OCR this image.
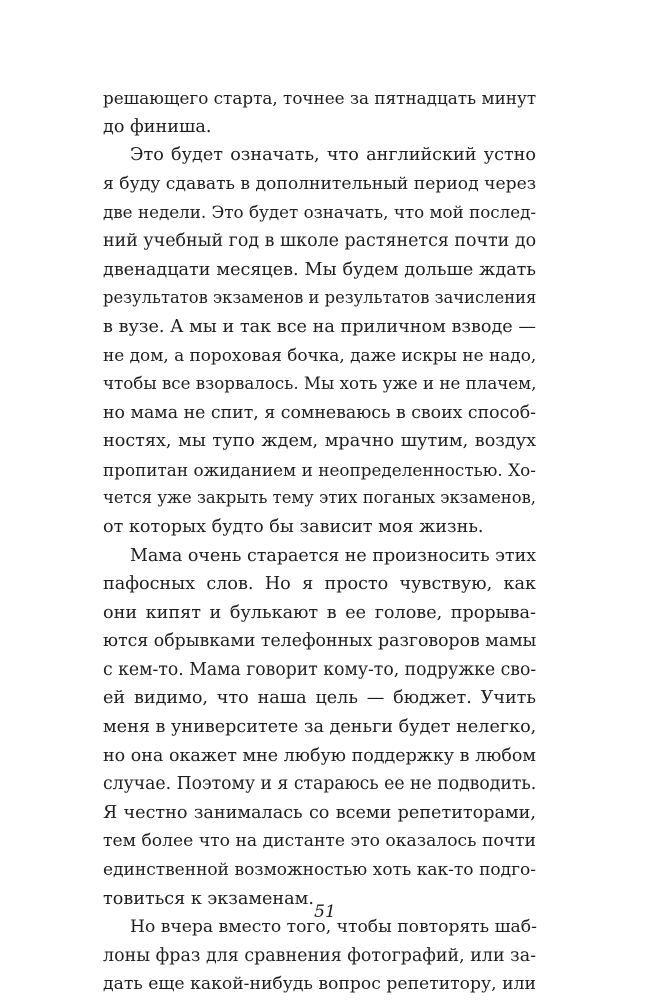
решающего старта, точнее за пятнадцать минут
до финиша.
Это будет означать, что английский устно
я буду сдавать в дополнительный период через
две недели. Это будет означать, что мой послед-
ний учебный год в школе растянется почти до
двенадцати месяцев. Мы будем дольше ждать
результатов экзаменов и результатов зачисления
в вузе. А мы и так все на приличном взводе —
не дом, а пороховая бочка, даже искры не надо,
чтобы все взорвалось. Мы хоть уже и не плачем,
но мама не спит, я сомневаюсь в своих способ-
ностях, мы тупо ждем, мрачно шутим, воздух
пропитан ожиданием и неопределенностью. Хо-
чется уже закрыть тему этих поганых экзаменов,
от которых будто бы зависит моя жизнь.
Мама очень старается не произносить этих
пафосных слов. Но я просто чувствую, как
они кипят и булькают в ее голове, прорыва-
ются обрывками телефонных разговоров мамы
с кем-то. Мама говорит кому-то, подружке сво-
ей видимо, что наша цель — бюджет. Учить
меня в университете за деньги будет нелегко,
но она окажет мне любую поддержку в любом
случае. Поэтому и я стараюсь ее не подводить.
Я честно занималась со всеми репетиторами,
тем более что на дистанте это оказалось почти
единственной возможностью хоть как-то подго-
товиться к экзаменам.
Но вчера вместо того, чтобы повторять шаб-
лоны фраз для сравнения фотографий, или за-
дать еще какой-нибудь вопрос репетитору, или
51
